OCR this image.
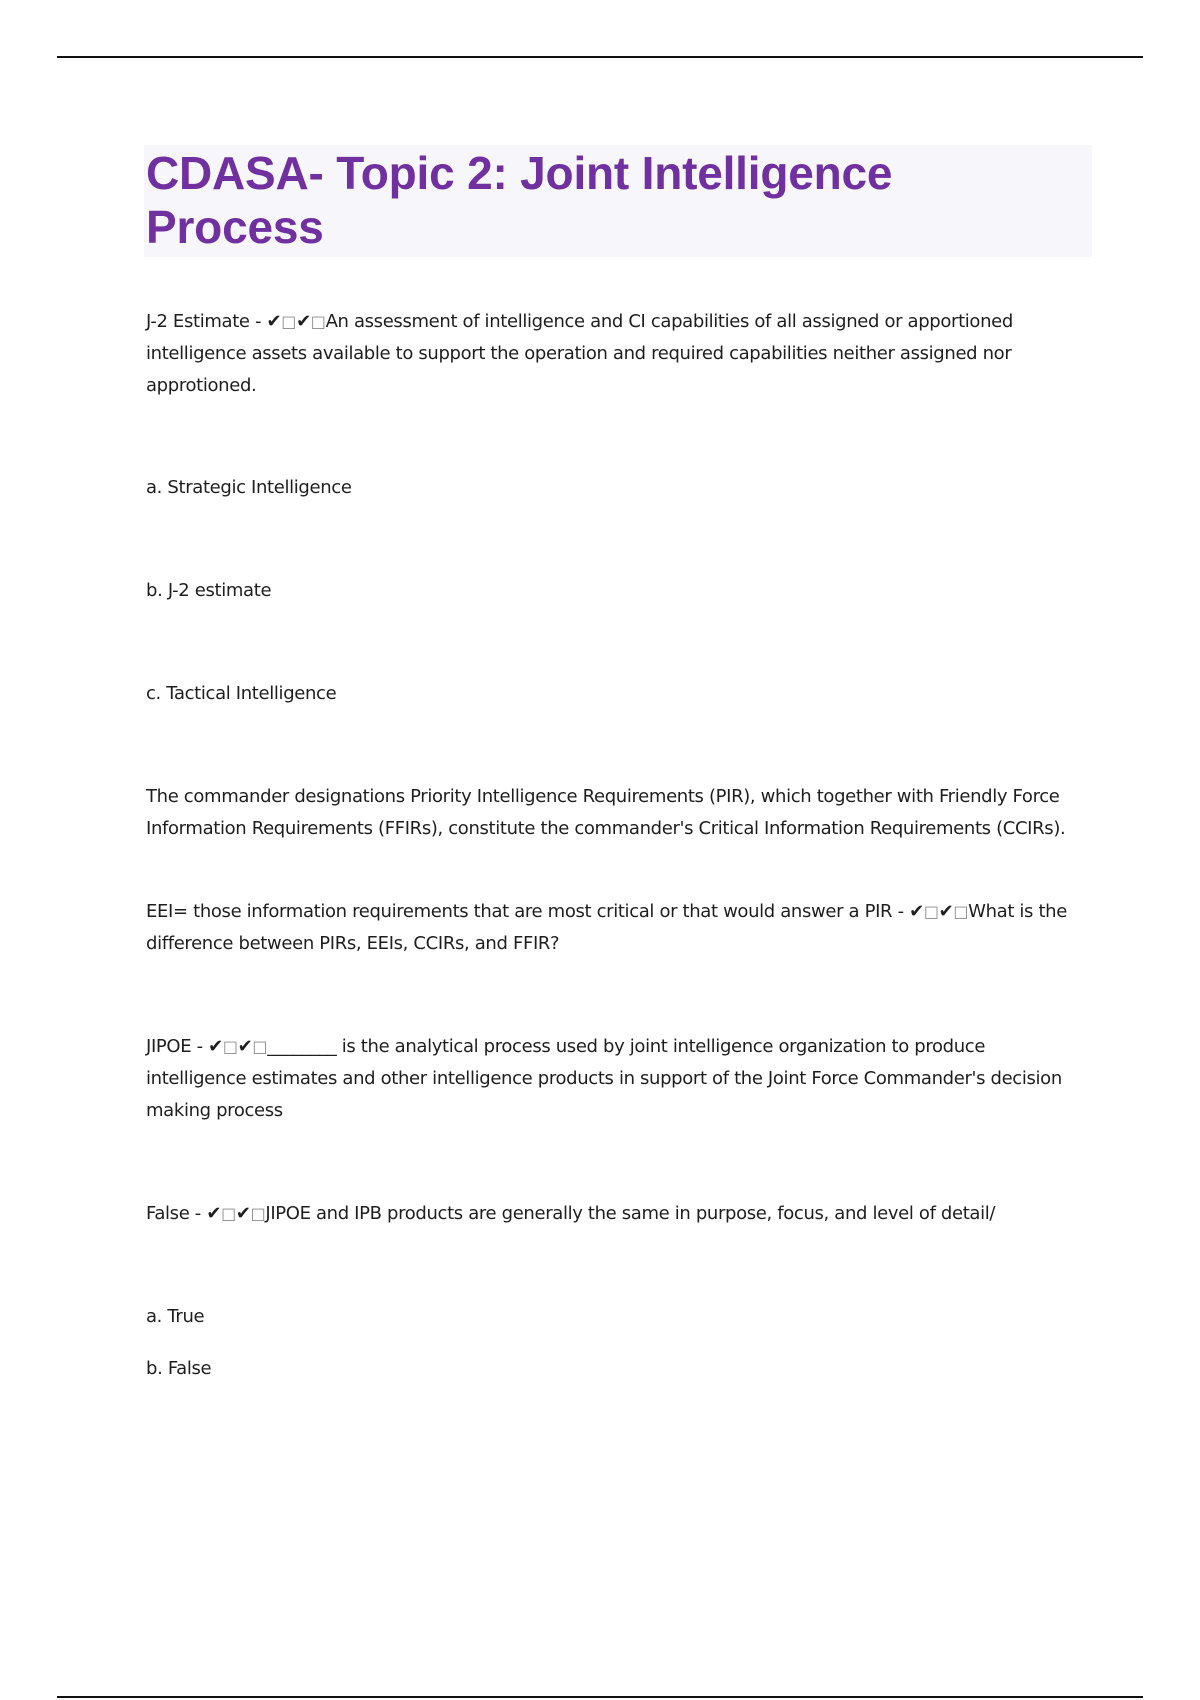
CDASA- Topic 2: Joint Intelligence Process

J-2 Estimate - ✔□✔□An assessment of intelligence and CI capabilities of all assigned or apportioned intelligence assets available to support the operation and required capabilities neither assigned nor approtioned.

a. Strategic Intelligence

b. J-2 estimate

c. Tactical Intelligence

The commander designations Priority Intelligence Requirements (PIR), which together with Friendly Force Information Requirements (FFIRs), constitute the commander's Critical Information Requirements (CCIRs).

EEI= those information requirements that are most critical or that would answer a PIR - ✔□✔□What is the difference between PIRs, EEIs, CCIRs, and FFIR?

JIPOE - ✔□✔□________ is the analytical process used by joint intelligence organization to produce intelligence estimates and other intelligence products in support of the Joint Force Commander's decision making process

False - ✔□✔□JIPOE and IPB products are generally the same in purpose, focus, and level of detail/

a. True

b. False
